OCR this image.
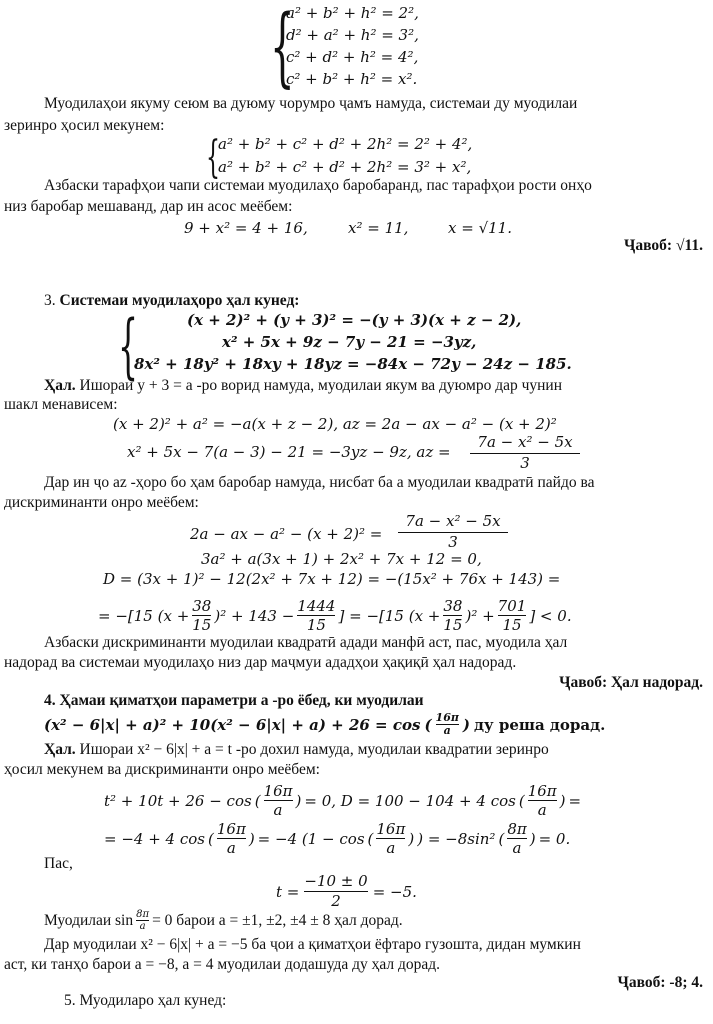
{
a² + b² + h² = 2²,
d² + a² + h² = 3²,
c² + d² + h² = 4²,
c² + b² + h² = x².
Муодилаҳои якуму сеюм ва дуюму чорумро ҷамъ намуда, системаи ду муодилаи
зеринро ҳосил мекунем:
{
a² + b² + c² + d² + 2h² = 2² + 4²,
a² + b² + c² + d² + 2h² = 3² + x²,
Азбаски тарафҳои чапи системаи муодилаҳо баробаранд, пас тарафҳои рости онҳо
низ баробар мешаванд, дар ин асос меёбем:
9 + x² = 4 + 16,	x² = 11,	x = √11.
Ҷавоб: √11.
3. Системаи муодилаҳоро ҳал кунед:
{	(x + 2)² + (y + 3)² = −(y + 3)(x + z − 2),
x² + 5x + 9z − 7y − 21 = −3yz,
8x² + 18y² + 18xy + 18yz = −84x − 72y − 24z − 185.
Ҳал. Ишораи y + 3 = a -ро ворид намуда, муодилаи якум ва дуюмро дар чунин
шакл менависем:
(x + 2)² + a² = −a(x + z − 2), az = 2a − ax − a² − (x + 2)²
x² + 5x − 7(a − 3) − 21 = −3yz − 9z, az = $\frac{\text{7a − x² − 5x}}{3}$
Дар ин ҷо az -ҳоро бо ҳам баробар намуда, нисбат ба a муодилаи квадратӣ пайдо ва
дискриминанти онро меёбем:
2a − ax − $a^2 - (x + 2)^2 = \frac{\text{7a − x² − 5x}}{3}$
3a² + a(3x + 1) + 2x² + 7x + 12 = 0,
D = (3x + 1)² − 12(2x² + 7x + 12) = −(15x² + 76x + 143) =
= −[15 $(x + \frac{38}{15} )^2 + 143 - \frac{1444}{15}$ ] = −[15 $(x + \frac{38}{15} )^2 + \frac{701}{15}$ ] < 0.
Азбаски дискриминанти муодилаи квадратӣ адади манфӣ аст, пас, муодила ҳал
надорад ва системаи муодилаҳо низ дар маҷмуи ададҳои ҳақиқӣ ҳал надорад.
Ҷавоб: Ҳал надорад.
4. Ҳамаи қиматҳои параметри a -ро ёбед, ки муодилаи
(x² − 6|x| + a)² + 10(x² − 6|x| + a) + 26 = cos ( $\frac{16\pi}{a}$ ) ду реша дорад.
Ҳал. Ишораи x² − 6|x| + a = t -ро дохил намуда, муодилаи квадратии зеринро
ҳосил мекунем ва дискриминанти онро меёбем:
t² + 10t + 26 − cos ( $\frac{16\pi}{a}$ ) = 0, D = 100 − 104 + 4 cos ( $\frac{16\pi}{a}$ ) =
= −4 + 4 cos ( $\frac{16\pi}{a}$ ) = −4 (1 − cos ( $\frac{16\pi}{a}$ ) ) = −8sin² ( $\frac{8\pi}{a}$ ) = 0.
Пас,
$t = \frac{-10 \pm 0}{2} = -5$.
Муодилаи $\sin \frac{8\pi}{a} = 0$ барои a = ±1, ±2, ±4 ± 8 ҳал дорад.
Дар муодилаи x² − 6|x| + a = −5 ба ҷои a қиматҳои ёфтаро гузошта, дидан мумкин
аст, ки танҳо барои a = −8, a = 4 муодилаи додашуда ду ҳал дорад.
Ҷавоб: -8; 4.
5. Муодиларо ҳал кунед:
